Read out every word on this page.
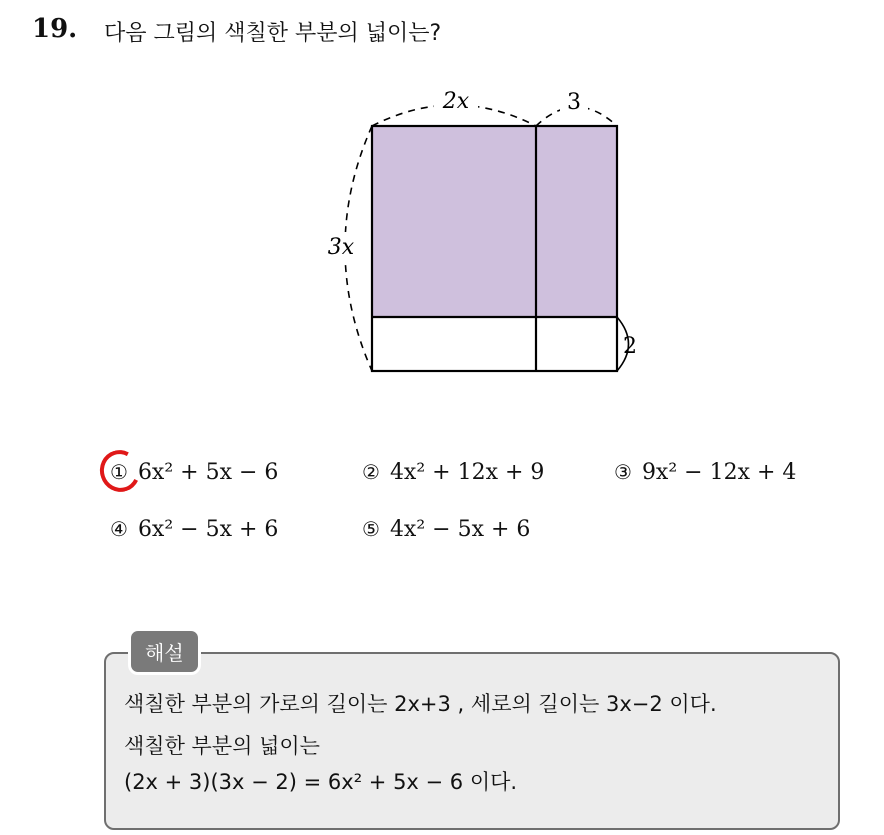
19. 다음 그림의 색칠한 부분의 넓이는?
2x	3
3x
2
① 6x² + 5x − 6	② 4x² + 12x + 9	③ 9x² − 12x + 4
④ 6x² − 5x + 6	⑤ 4x² − 5x + 6
해설
색칠한 부분의 가로의 길이는 2x+3 , 세로의 길이는 3x−2 이다.
색칠한 부분의 넓이는
(2x + 3)(3x − 2) = 6x² + 5x − 6 이다.
